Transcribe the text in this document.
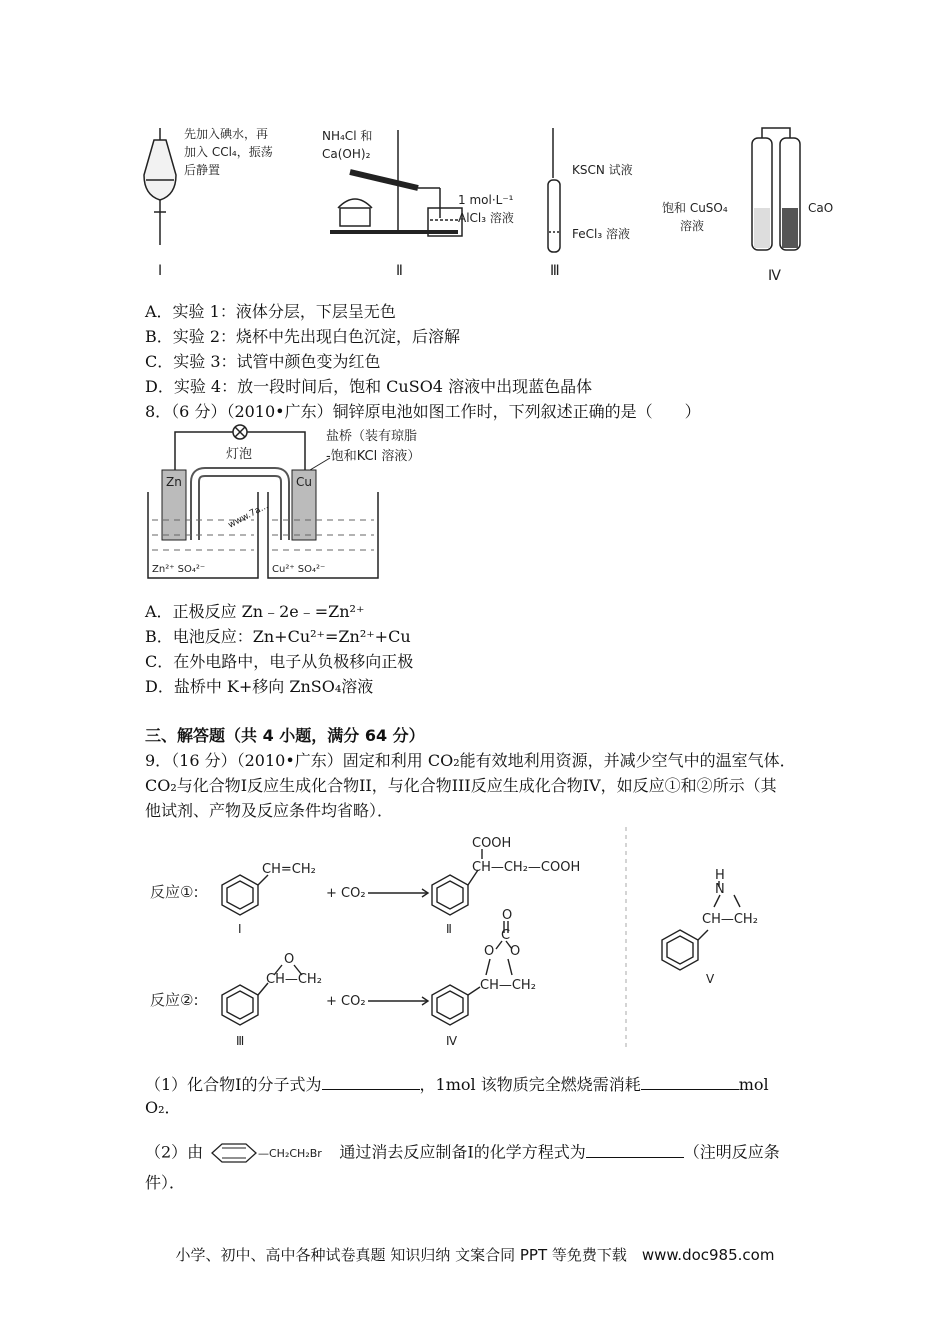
先加入碘水，再
加入 CCl₄，振荡
后静置
Ⅰ
NH₄Cl 和
Ca(OH)₂
1 mol·L⁻¹
AlCl₃ 溶液
Ⅱ
KSCN 试液
FeCl₃ 溶液
Ⅲ
饱和 CuSO₄
溶液
CaO
Ⅳ
A．实验 1：液体分层，下层呈无色
B．实验 2：烧杯中先出现白色沉淀，后溶解
C．实验 3：试管中颜色变为红色
D．实验 4：放一段时间后，饱和 CuSO4 溶液中出现蓝色晶体
8．（6 分）（2010•广东）铜锌原电池如图工作时，下列叙述正确的是（　　）
灯泡
盐桥（装有琼脂
-饱和KCl 溶液）
Zn	Cu
Zn²⁺ SO₄²⁻	Cu²⁺ SO₄²⁻
www.7a...
A．正极反应 Zn﹣2e﹣=Zn²⁺
B．电池反应：Zn+Cu²⁺=Zn²⁺+Cu
C．在外电路中，电子从负极移向正极
D．盐桥中 K+移向 ZnSO₄溶液
三、解答题（共 4 小题，满分 64 分）
9．（16 分）（2010•广东）固定和利用 CO₂能有效地利用资源，并减少空气中的温室气体．
CO₂与化合物I反应生成化合物II，与化合物III反应生成化合物IV，如反应①和②所示（其
他试剂、产物及反应条件均省略）．
反应①:
反应②:
CH=CH₂
+ CO₂
+ CO₂
COOH
CH—CH₂—COOH
O
CH—CH₂
O
C
O O
CH—CH₂
H
N
CH—CH₂
I	Ⅱ
Ⅲ	Ⅳ
V
（1）化合物Ⅰ的分子式为	，1mol 该物质完全燃烧需消耗	mol
O₂．
（2）由	—CH₂CH₂Br 通过消去反应制备Ⅰ的化学方程式为	（注明反应条
件）．
小学、初中、高中各种试卷真题 知识归纳 文案合同 PPT 等免费下载　www.doc985.com
